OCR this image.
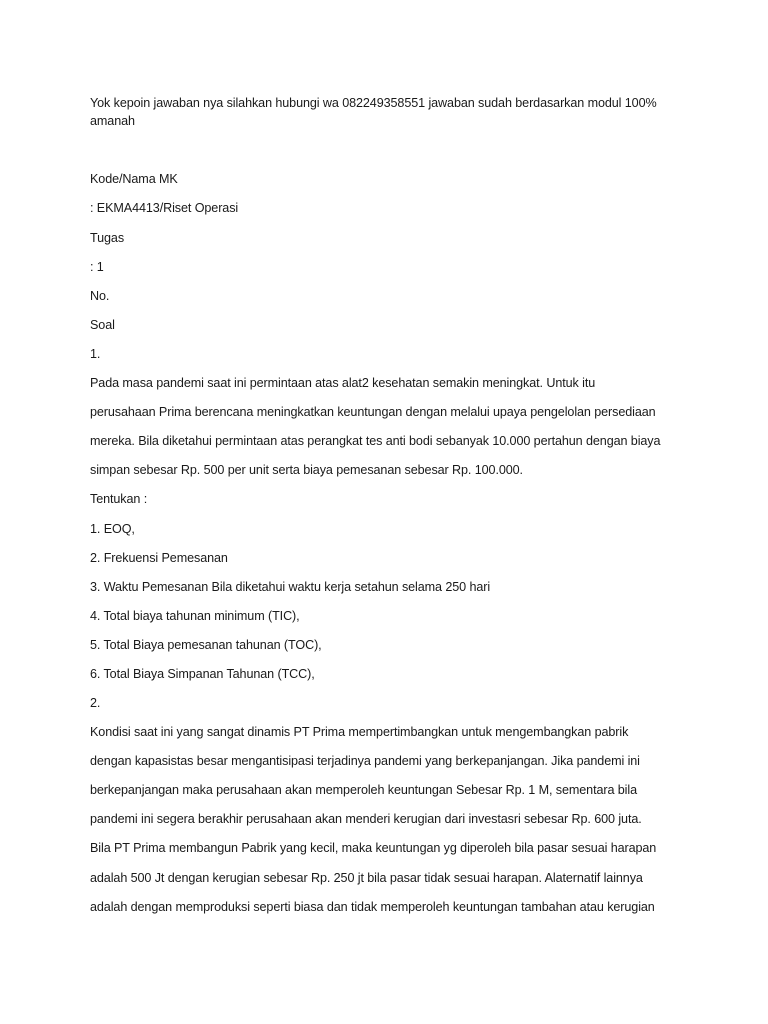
Yok kepoin jawaban nya silahkan hubungi wa 082249358551 jawaban sudah berdasarkan modul 100% amanah
Kode/Nama MK
: EKMA4413/Riset Operasi
Tugas
: 1
No.
Soal
1.
Pada masa pandemi saat ini permintaan atas alat2 kesehatan semakin meningkat. Untuk itu
perusahaan Prima berencana meningkatkan keuntungan dengan melalui upaya pengelolan persediaan
mereka. Bila diketahui permintaan atas perangkat tes anti bodi sebanyak 10.000 pertahun dengan biaya
simpan sebesar Rp. 500 per unit serta biaya pemesanan sebesar Rp. 100.000.
Tentukan :
1. EOQ,
2. Frekuensi Pemesanan
3. Waktu Pemesanan Bila diketahui waktu kerja setahun selama 250 hari
4. Total biaya tahunan minimum (TIC),
5. Total Biaya pemesanan tahunan (TOC),
6. Total Biaya Simpanan Tahunan (TCC),
2.
Kondisi saat ini yang sangat dinamis PT Prima mempertimbangkan untuk mengembangkan pabrik
dengan kapasistas besar mengantisipasi terjadinya pandemi yang berkepanjangan. Jika pandemi ini
berkepanjangan maka perusahaan akan memperoleh keuntungan Sebesar Rp. 1 M, sementara bila
pandemi ini segera berakhir perusahaan akan menderi kerugian dari investasri sebesar Rp. 600 juta.
Bila PT Prima membangun Pabrik yang kecil, maka keuntungan yg diperoleh bila pasar sesuai harapan
adalah 500 Jt dengan kerugian sebesar Rp. 250 jt bila pasar tidak sesuai harapan. Alaternatif lainnya
adalah dengan memproduksi seperti biasa dan tidak memperoleh keuntungan tambahan atau kerugian
